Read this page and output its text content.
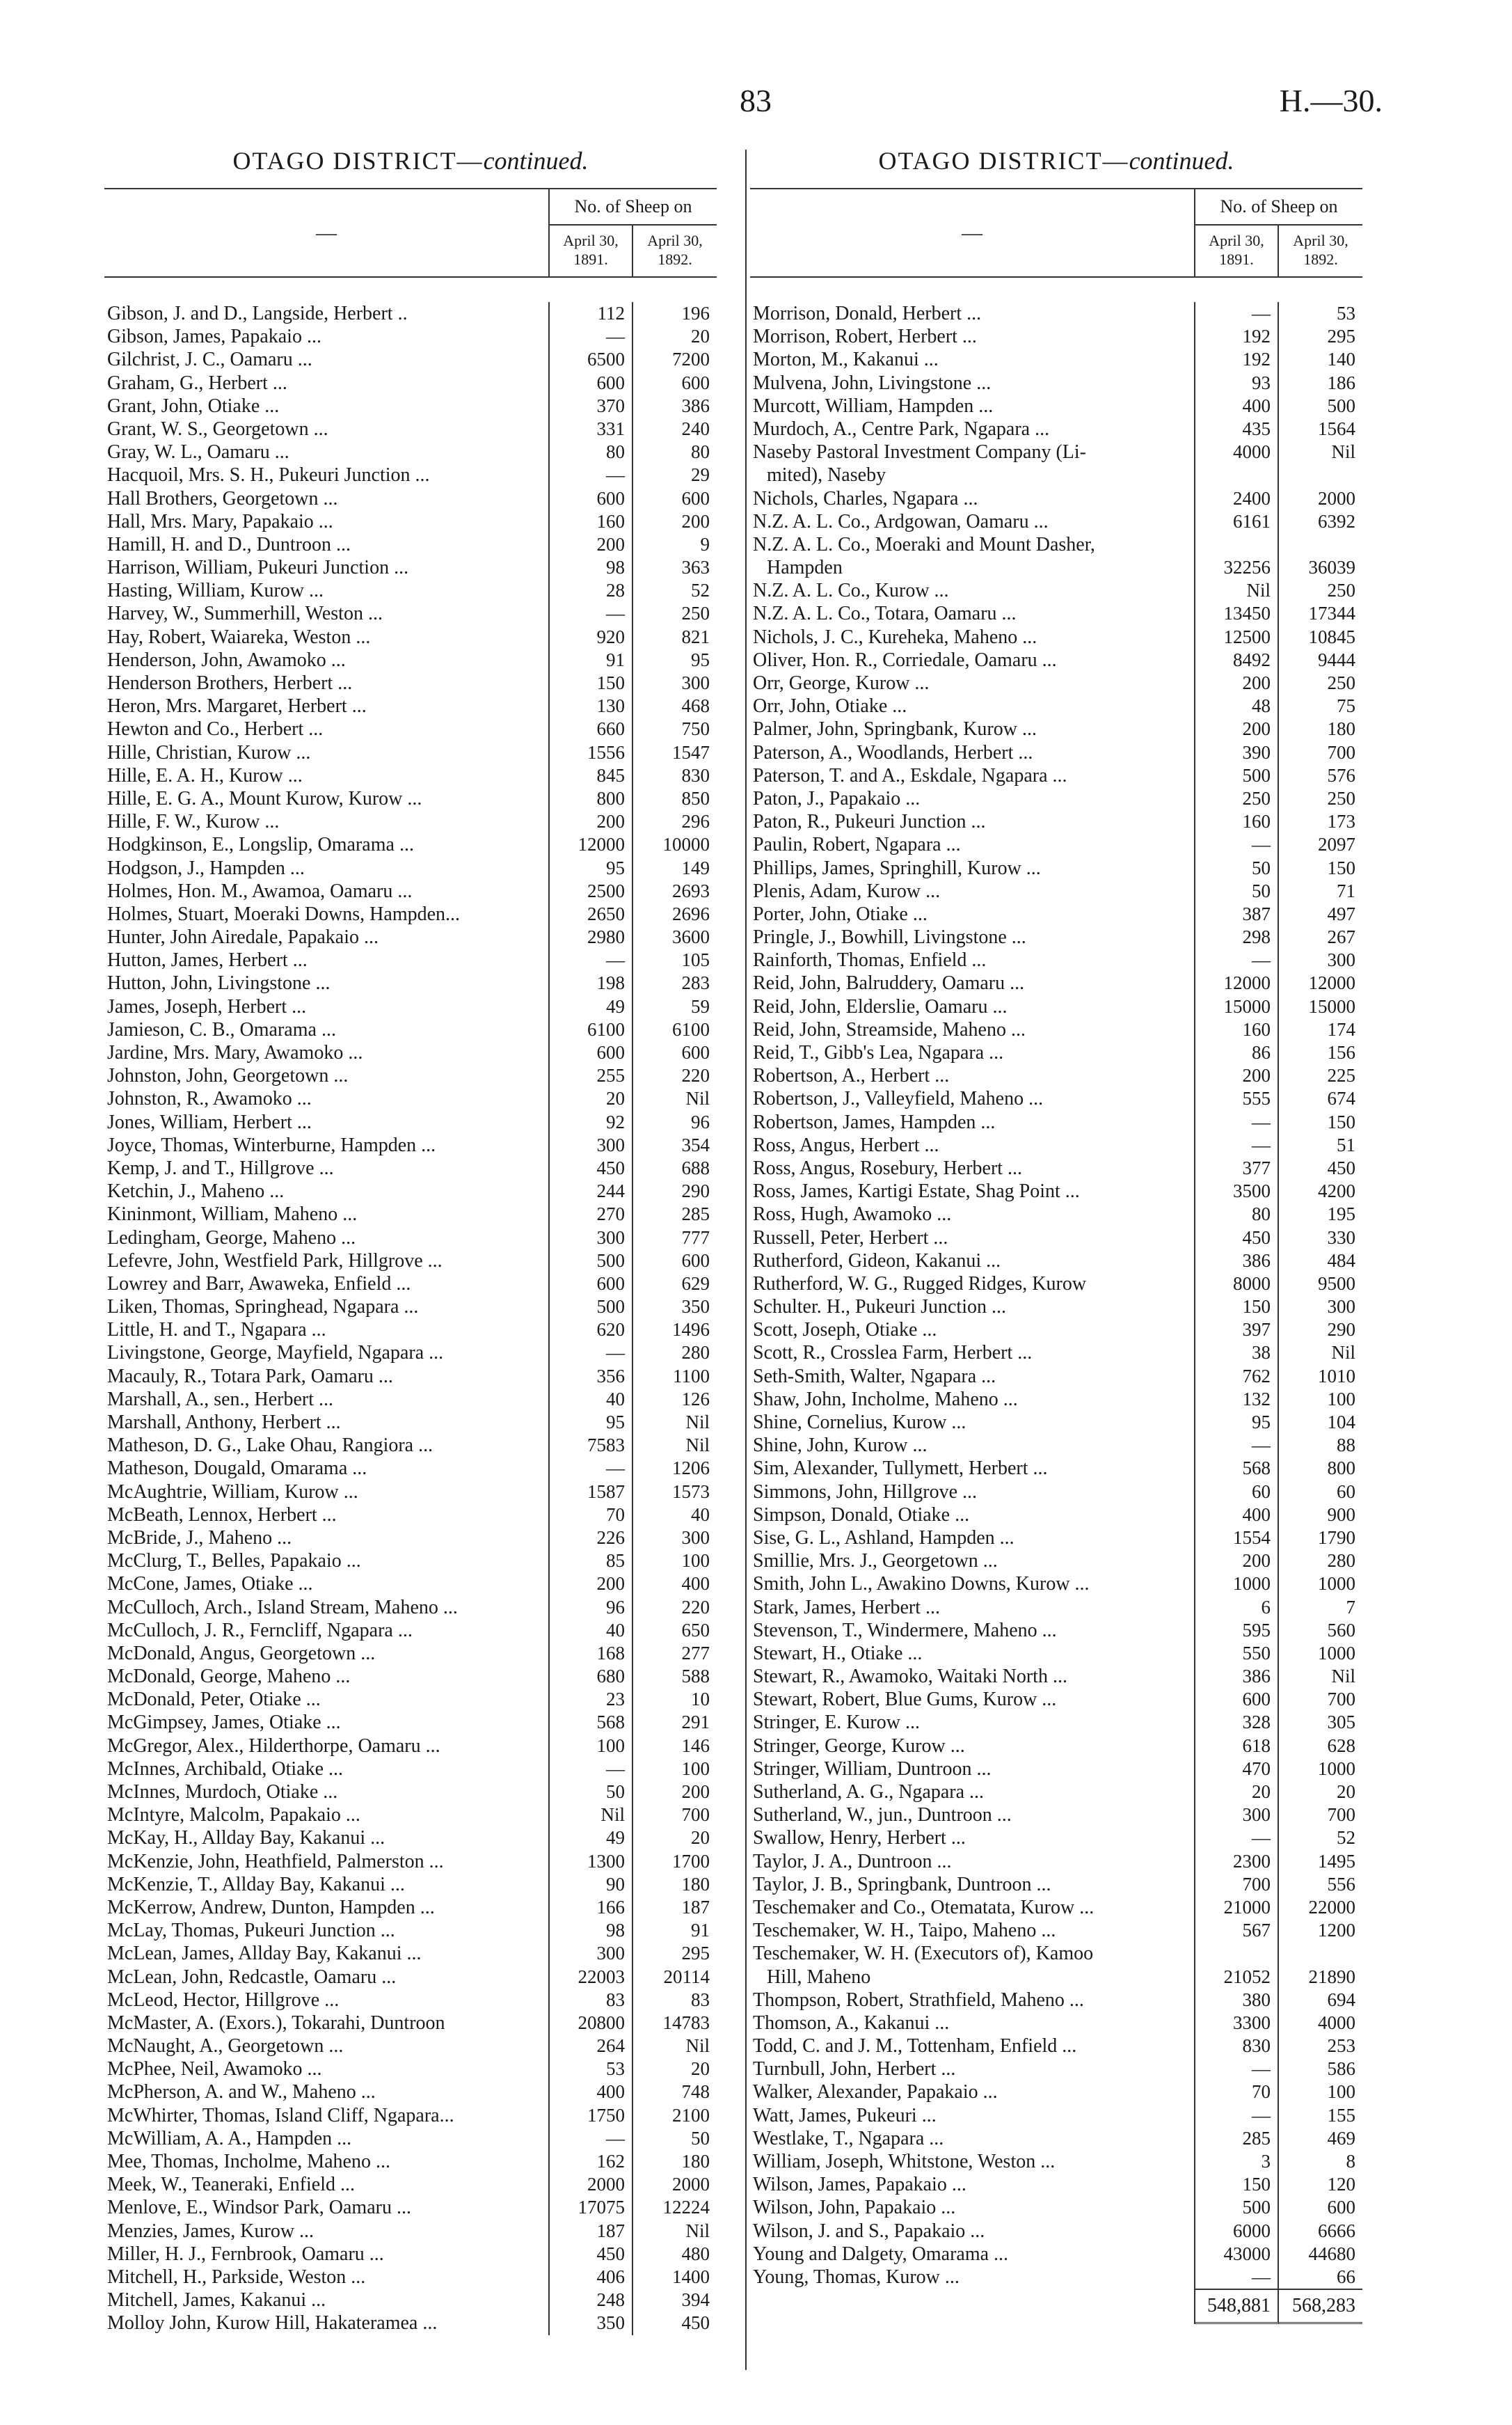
83	H.—30.
OTAGO DISTRICT—continued.
—
No. of Sheep on
April 30, 1891.
April 30, 1892.
Gibson, J. and D., Langside, Herbert ..	112	196
Gibson, James, Papakaio ...	—	20
Gilchrist, J. C., Oamaru ...	6500	7200
Graham, G., Herbert ...	600	600
Grant, John, Otiake ...	370	386
Grant, W. S., Georgetown ...	331	240
Gray, W. L., Oamaru ...	80	80
Hacquoil, Mrs. S. H., Pukeuri Junction ...	—	29
Hall Brothers, Georgetown ...	600	600
Hall, Mrs. Mary, Papakaio ...	160	200
Hamill, H. and D., Duntroon ...	200	9
Harrison, William, Pukeuri Junction ...	98	363
Hasting, William, Kurow ...	28	52
Harvey, W., Summerhill, Weston ...	—	250
Hay, Robert, Waiareka, Weston ...	920	821
Henderson, John, Awamoko ...	91	95
Henderson Brothers, Herbert ...	150	300
Heron, Mrs. Margaret, Herbert ...	130	468
Hewton and Co., Herbert ...	660	750
Hille, Christian, Kurow ...	1556	1547
Hille, E. A. H., Kurow ...	845	830
Hille, E. G. A., Mount Kurow, Kurow ...	800	850
Hille, F. W., Kurow ...	200	296
Hodgkinson, E., Longslip, Omarama ...	12000	10000
Hodgson, J., Hampden ...	95	149
Holmes, Hon. M., Awamoa, Oamaru ...	2500	2693
Holmes, Stuart, Moeraki Downs, Hampden...	2650	2696
Hunter, John Airedale, Papakaio ...	2980	3600
Hutton, James, Herbert ...	—	105
Hutton, John, Livingstone ...	198	283
James, Joseph, Herbert ...	49	59
Jamieson, C. B., Omarama ...	6100	6100
Jardine, Mrs. Mary, Awamoko ...	600	600
Johnston, John, Georgetown ...	255	220
Johnston, R., Awamoko ...	20	Nil
Jones, William, Herbert ...	92	96
Joyce, Thomas, Winterburne, Hampden ...	300	354
Kemp, J. and T., Hillgrove ...	450	688
Ketchin, J., Maheno ...	244	290
Kininmont, William, Maheno ...	270	285
Ledingham, George, Maheno ...	300	777
Lefevre, John, Westfield Park, Hillgrove ...	500	600
Lowrey and Barr, Awaweka, Enfield ...	600	629
Liken, Thomas, Springhead, Ngapara ...	500	350
Little, H. and T., Ngapara ...	620	1496
Livingstone, George, Mayfield, Ngapara ...	—	280
Macauly, R., Totara Park, Oamaru ...	356	1100
Marshall, A., sen., Herbert ...	40	126
Marshall, Anthony, Herbert ...	95	Nil
Matheson, D. G., Lake Ohau, Rangiora ...	7583	Nil
Matheson, Dougald, Omarama ...	—	1206
McAughtrie, William, Kurow ...	1587	1573
McBeath, Lennox, Herbert ...	70	40
McBride, J., Maheno ...	226	300
McClurg, T., Belles, Papakaio ...	85	100
McCone, James, Otiake ...	200	400
McCulloch, Arch., Island Stream, Maheno ...	96	220
McCulloch, J. R., Ferncliff, Ngapara ...	40	650
McDonald, Angus, Georgetown ...	168	277
McDonald, George, Maheno ...	680	588
McDonald, Peter, Otiake ...	23	10
McGimpsey, James, Otiake ...	568	291
McGregor, Alex., Hilderthorpe, Oamaru ...	100	146
McInnes, Archibald, Otiake ...	—	100
McInnes, Murdoch, Otiake ...	50	200
McIntyre, Malcolm, Papakaio ...	Nil	700
McKay, H., Allday Bay, Kakanui ...	49	20
McKenzie, John, Heathfield, Palmerston ...	1300	1700
McKenzie, T., Allday Bay, Kakanui ...	90	180
McKerrow, Andrew, Dunton, Hampden ...	166	187
McLay, Thomas, Pukeuri Junction ...	98	91
McLean, James, Allday Bay, Kakanui ...	300	295
McLean, John, Redcastle, Oamaru ...	22003	20114
McLeod, Hector, Hillgrove ...	83	83
McMaster, A. (Exors.), Tokarahi, Duntroon	20800	14783
McNaught, A., Georgetown ...	264	Nil
McPhee, Neil, Awamoko ...	53	20
McPherson, A. and W., Maheno ...	400	748
McWhirter, Thomas, Island Cliff, Ngapara...	1750	2100
McWilliam, A. A., Hampden ...	—	50
Mee, Thomas, Incholme, Maheno ...	162	180
Meek, W., Teaneraki, Enfield ...	2000	2000
Menlove, E., Windsor Park, Oamaru ...	17075	12224
Menzies, James, Kurow ...	187	Nil
Miller, H. J., Fernbrook, Oamaru ...	450	480
Mitchell, H., Parkside, Weston ...	406	1400
Mitchell, James, Kakanui ...	248	394
Molloy John, Kurow Hill, Hakateramea ...	350	450
OTAGO DISTRICT—continued.
—
No. of Sheep on
April 30, 1891.
April 30, 1892.
Morrison, Donald, Herbert ...	—	53
Morrison, Robert, Herbert ...	192	295
Morton, M., Kakanui ...	192	140
Mulvena, John, Livingstone ...	93	186
Murcott, William, Hampden ...	400	500
Murdoch, A., Centre Park, Ngapara ...	435	1564
Naseby Pastoral Investment Company (Li-	4000	Nil
mited), Naseby
Nichols, Charles, Ngapara ...	2400	2000
N.Z. A. L. Co., Ardgowan, Oamaru ...	6161	6392
N.Z. A. L. Co., Moeraki and Mount Dasher,
Hampden	32256	36039
N.Z. A. L. Co., Kurow ...	Nil	250
N.Z. A. L. Co., Totara, Oamaru ...	13450	17344
Nichols, J. C., Kureheka, Maheno ...	12500	10845
Oliver, Hon. R., Corriedale, Oamaru ...	8492	9444
Orr, George, Kurow ...	200	250
Orr, John, Otiake ...	48	75
Palmer, John, Springbank, Kurow ...	200	180
Paterson, A., Woodlands, Herbert ...	390	700
Paterson, T. and A., Eskdale, Ngapara ...	500	576
Paton, J., Papakaio ...	250	250
Paton, R., Pukeuri Junction ...	160	173
Paulin, Robert, Ngapara ...	—	2097
Phillips, James, Springhill, Kurow ...	50	150
Plenis, Adam, Kurow ...	50	71
Porter, John, Otiake ...	387	497
Pringle, J., Bowhill, Livingstone ...	298	267
Rainforth, Thomas, Enfield ...	—	300
Reid, John, Balruddery, Oamaru ...	12000	12000
Reid, John, Elderslie, Oamaru ...	15000	15000
Reid, John, Streamside, Maheno ...	160	174
Reid, T., Gibb's Lea, Ngapara ...	86	156
Robertson, A., Herbert ...	200	225
Robertson, J., Valleyfield, Maheno ...	555	674
Robertson, James, Hampden ...	—	150
Ross, Angus, Herbert ...	—	51
Ross, Angus, Rosebury, Herbert ...	377	450
Ross, James, Kartigi Estate, Shag Point ...	3500	4200
Ross, Hugh, Awamoko ...	80	195
Russell, Peter, Herbert ...	450	330
Rutherford, Gideon, Kakanui ...	386	484
Rutherford, W. G., Rugged Ridges, Kurow	8000	9500
Schulter. H., Pukeuri Junction ...	150	300
Scott, Joseph, Otiake ...	397	290
Scott, R., Crosslea Farm, Herbert ...	38	Nil
Seth-Smith, Walter, Ngapara ...	762	1010
Shaw, John, Incholme, Maheno ...	132	100
Shine, Cornelius, Kurow ...	95	104
Shine, John, Kurow ...	—	88
Sim, Alexander, Tullymett, Herbert ...	568	800
Simmons, John, Hillgrove ...	60	60
Simpson, Donald, Otiake ...	400	900
Sise, G. L., Ashland, Hampden ...	1554	1790
Smillie, Mrs. J., Georgetown ...	200	280
Smith, John L., Awakino Downs, Kurow ...	1000	1000
Stark, James, Herbert ...	6	7
Stevenson, T., Windermere, Maheno ...	595	560
Stewart, H., Otiake ...	550	1000
Stewart, R., Awamoko, Waitaki North ...	386	Nil
Stewart, Robert, Blue Gums, Kurow ...	600	700
Stringer, E. Kurow ...	328	305
Stringer, George, Kurow ...	618	628
Stringer, William, Duntroon ...	470	1000
Sutherland, A. G., Ngapara ...	20	20
Sutherland, W., jun., Duntroon ...	300	700
Swallow, Henry, Herbert ...	—	52
Taylor, J. A., Duntroon ...	2300	1495
Taylor, J. B., Springbank, Duntroon ...	700	556
Teschemaker and Co., Otematata, Kurow ...	21000	22000
Teschemaker, W. H., Taipo, Maheno ...	567	1200
Teschemaker, W. H. (Executors of), Kamoo
Hill, Maheno	21052	21890
Thompson, Robert, Strathfield, Maheno ...	380	694
Thomson, A., Kakanui ...	3300	4000
Todd, C. and J. M., Tottenham, Enfield ...	830	253
Turnbull, John, Herbert ...	—	586
Walker, Alexander, Papakaio ...	70	100
Watt, James, Pukeuri ...	—	155
Westlake, T., Ngapara ...	285	469
William, Joseph, Whitstone, Weston ...	3	8
Wilson, James, Papakaio ...	150	120
Wilson, John, Papakaio ...	500	600
Wilson, J. and S., Papakaio ...	6000	6666
Young and Dalgety, Omarama ...	43000	44680
Young, Thomas, Kurow ...	—	66
548,881	568,283
